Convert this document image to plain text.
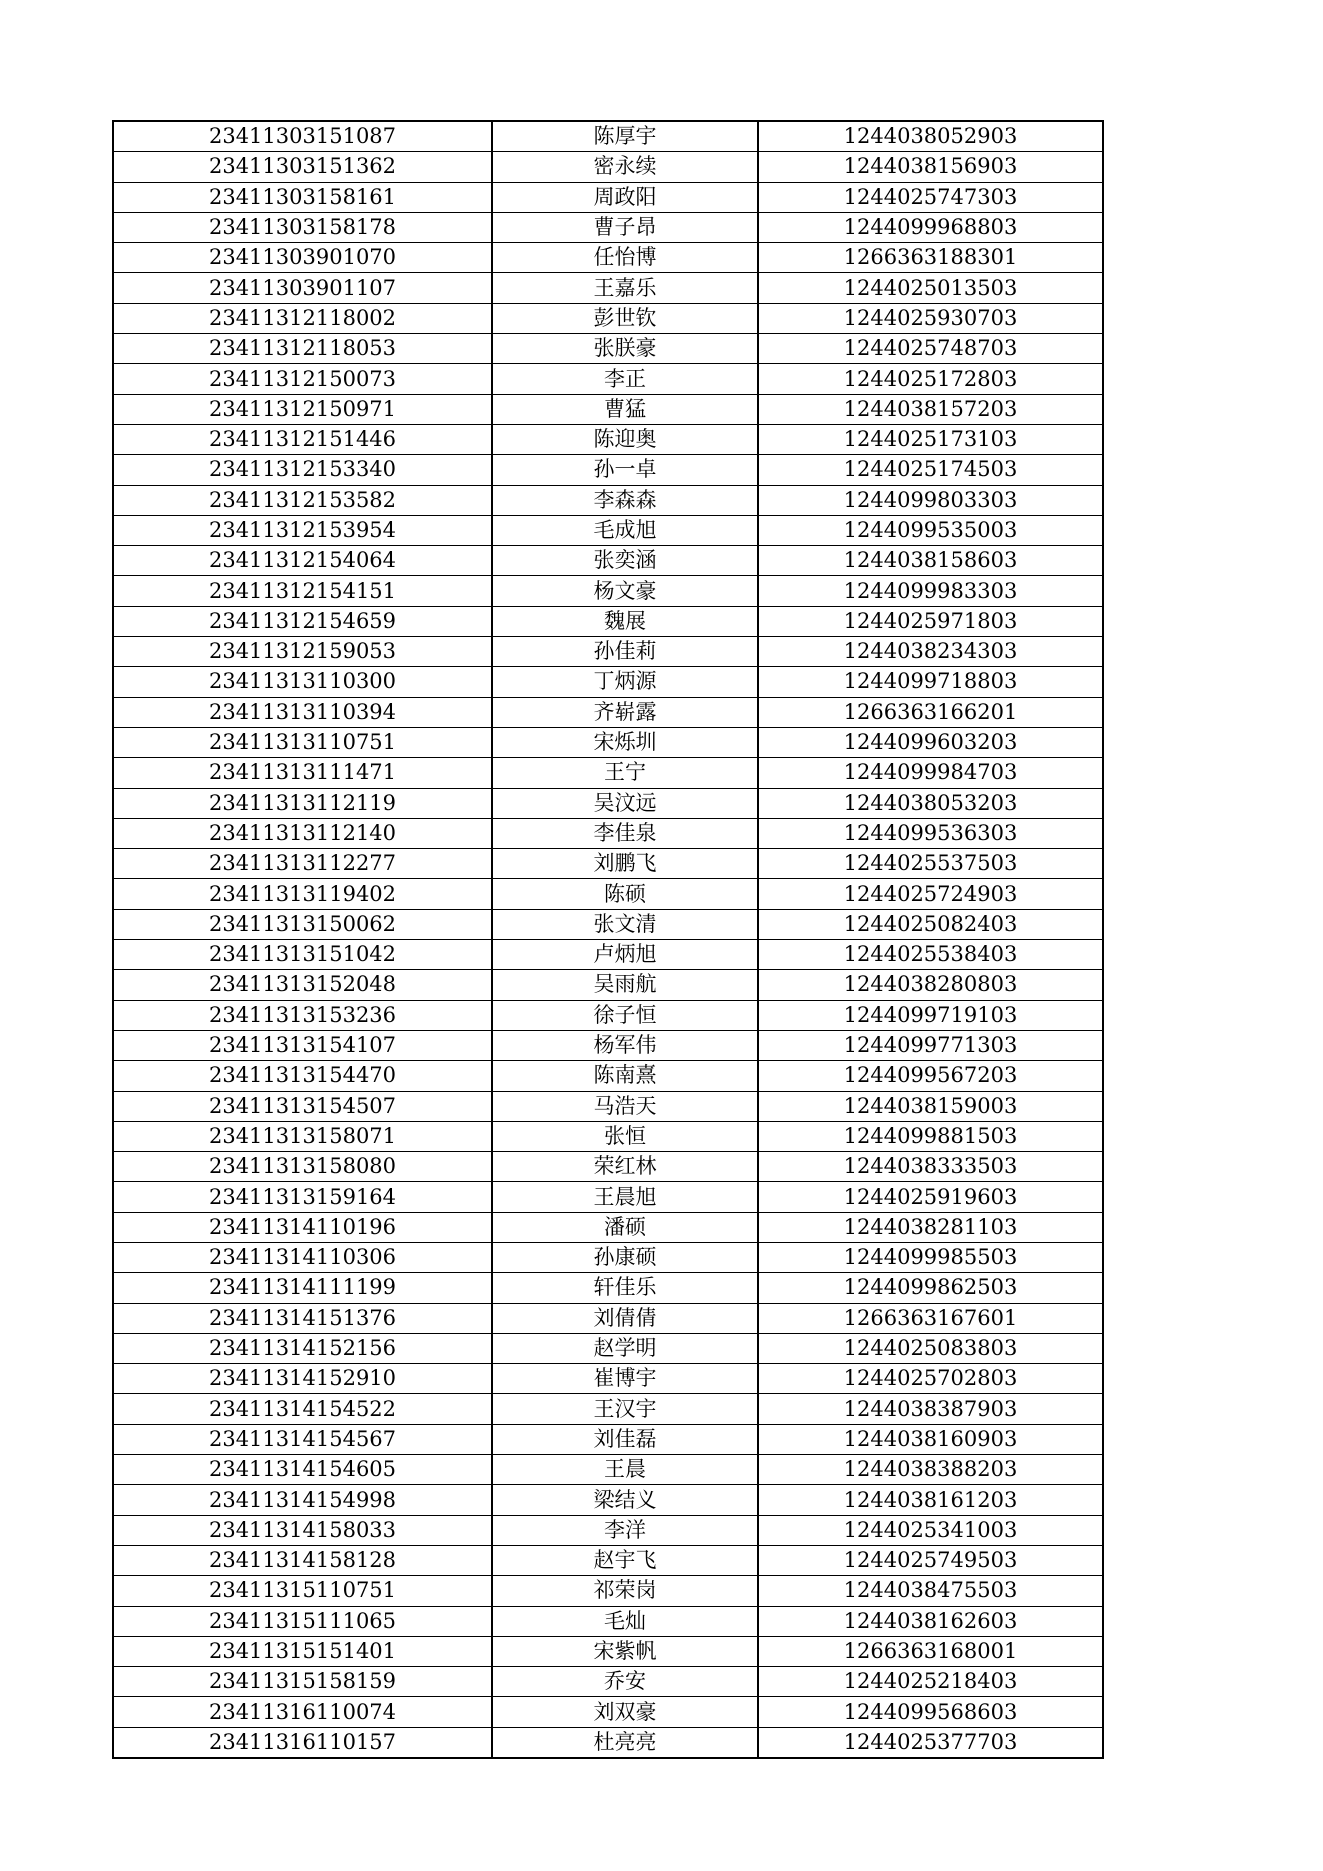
23411303151087	陈厚宇	1244038052903
23411303151362	密永续	1244038156903
23411303158161	周政阳	1244025747303
23411303158178	曹子昂	1244099968803
23411303901070	任怡博	1266363188301
23411303901107	王嘉乐	1244025013503
23411312118002	彭世钦	1244025930703
23411312118053	张朕豪	1244025748703
23411312150073	李正	1244025172803
23411312150971	曹猛	1244038157203
23411312151446	陈迎奥	1244025173103
23411312153340	孙一卓	1244025174503
23411312153582	李森森	1244099803303
23411312153954	毛成旭	1244099535003
23411312154064	张奕涵	1244038158603
23411312154151	杨文豪	1244099983303
23411312154659	魏展	1244025971803
23411312159053	孙佳莉	1244038234303
23411313110300	丁炳源	1244099718803
23411313110394	齐崭露	1266363166201
23411313110751	宋烁圳	1244099603203
23411313111471	王宁	1244099984703
23411313112119	吴汶远	1244038053203
23411313112140	李佳泉	1244099536303
23411313112277	刘鹏飞	1244025537503
23411313119402	陈硕	1244025724903
23411313150062	张文清	1244025082403
23411313151042	卢炳旭	1244025538403
23411313152048	吴雨航	1244038280803
23411313153236	徐子恒	1244099719103
23411313154107	杨军伟	1244099771303
23411313154470	陈南熹	1244099567203
23411313154507	马浩天	1244038159003
23411313158071	张恒	1244099881503
23411313158080	荣红林	1244038333503
23411313159164	王晨旭	1244025919603
23411314110196	潘硕	1244038281103
23411314110306	孙康硕	1244099985503
23411314111199	轩佳乐	1244099862503
23411314151376	刘倩倩	1266363167601
23411314152156	赵学明	1244025083803
23411314152910	崔博宇	1244025702803
23411314154522	王汉宇	1244038387903
23411314154567	刘佳磊	1244038160903
23411314154605	王晨	1244038388203
23411314154998	梁结义	1244038161203
23411314158033	李洋	1244025341003
23411314158128	赵宇飞	1244025749503
23411315110751	祁荣岗	1244038475503
23411315111065	毛灿	1244038162603
23411315151401	宋紫帆	1266363168001
23411315158159	乔安	1244025218403
23411316110074	刘双豪	1244099568603
23411316110157	杜亮亮	1244025377703
